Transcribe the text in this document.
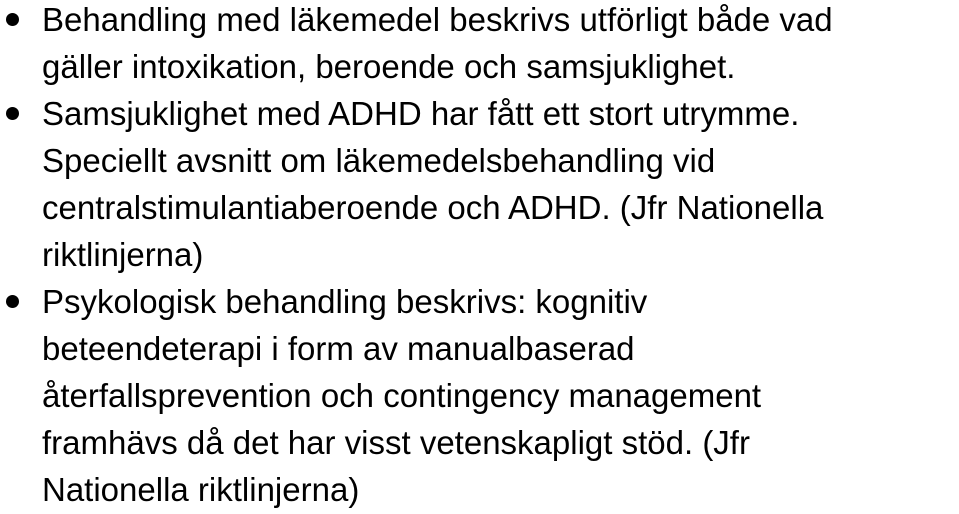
Behandling med läkemedel beskrivs utförligt både vad
gäller intoxikation, beroende och samsjuklighet.
Samsjuklighet med ADHD har fått ett stort utrymme.
Speciellt avsnitt om läkemedelsbehandling vid
centralstimulantiaberoende och ADHD. (Jfr Nationella
riktlinjerna)
Psykologisk behandling beskrivs: kognitiv
beteendeterapi i form av manualbaserad
återfallsprevention och contingency management
framhävs då det har visst vetenskapligt stöd. (Jfr
Nationella riktlinjerna)
